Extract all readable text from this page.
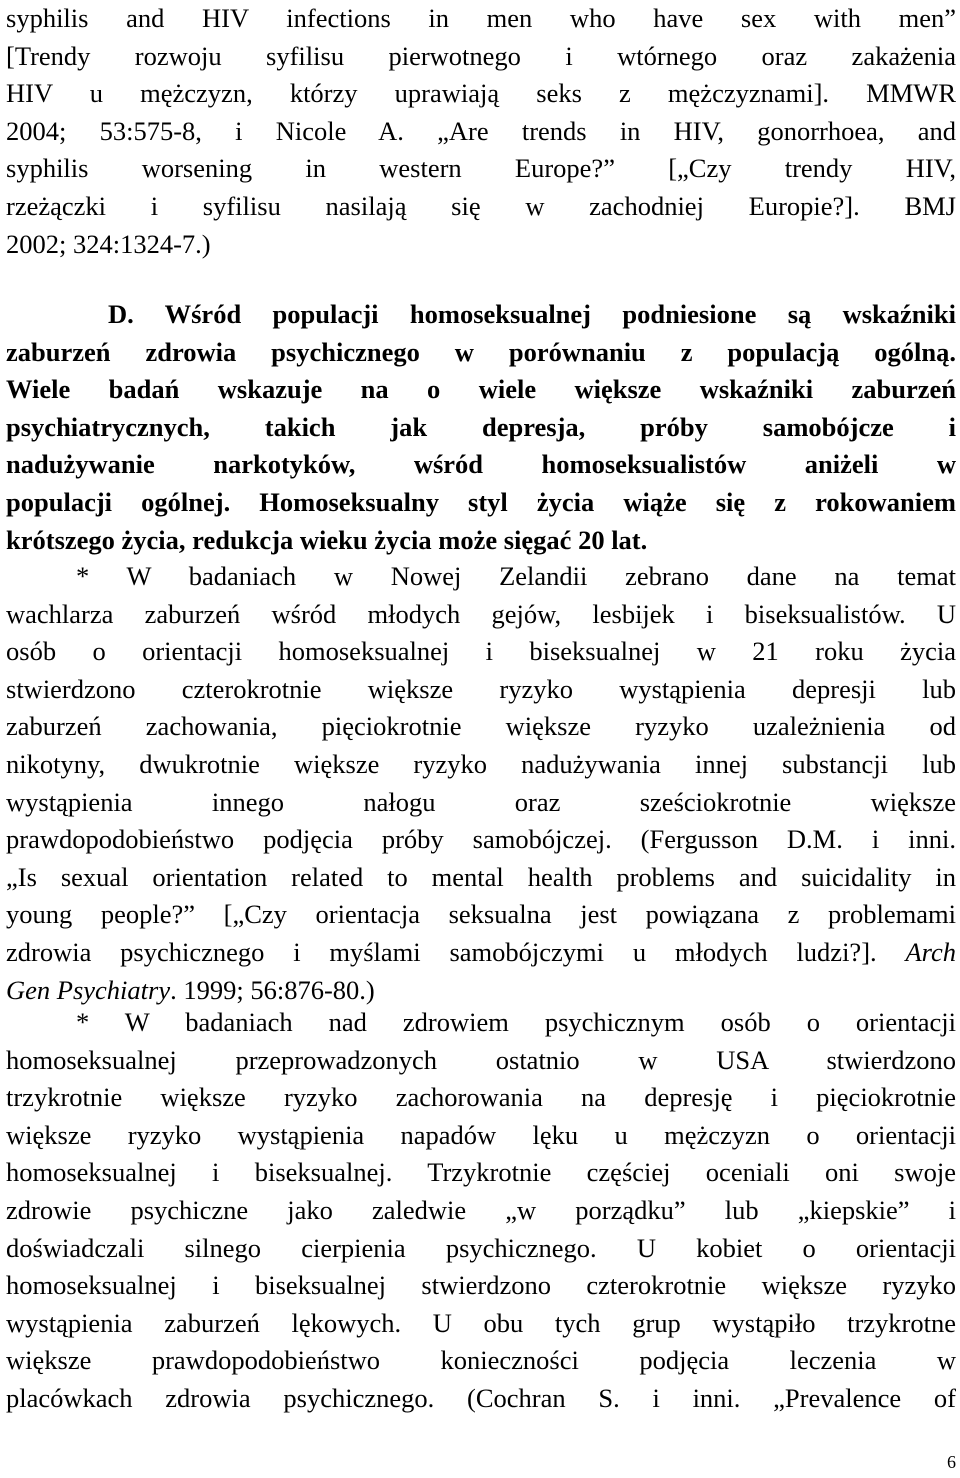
syphilis and HIV infections in men who have sex with men”
[Trendy rozwoju syfilisu pierwotnego i wtórnego oraz zakażenia
HIV u mężczyzn, którzy uprawiają seks z mężczyznami]. MMWR
2004; 53:575-8, i Nicole A. „Are trends in HIV, gonorrhoea, and
syphilis worsening in western Europe?” [„Czy trendy HIV,
rzeżączki i syfilisu nasilają się w zachodniej Europie?]. BMJ
2002; 324:1324-7.)
D. Wśród populacji homoseksualnej podniesione są wskaźniki
zaburzeń zdrowia psychicznego w porównaniu z populacją ogólną.
Wiele badań wskazuje na o wiele większe wskaźniki zaburzeń
psychiatrycznych, takich jak depresja, próby samobójcze i
nadużywanie narkotyków, wśród homoseksualistów aniżeli w
populacji ogólnej. Homoseksualny styl życia wiąże się z rokowaniem
krótszego życia, redukcja wieku życia może sięgać 20 lat.
* W badaniach w Nowej Zelandii zebrano dane na temat
wachlarza zaburzeń wśród młodych gejów, lesbijek i biseksualistów. U
osób o orientacji homoseksualnej i biseksualnej w 21 roku życia
stwierdzono czterokrotnie większe ryzyko wystąpienia depresji lub
zaburzeń zachowania, pięciokrotnie większe ryzyko uzależnienia od
nikotyny, dwukrotnie większe ryzyko nadużywania innej substancji lub
wystąpienia innego nałogu oraz sześciokrotnie większe
prawdopodobieństwo podjęcia próby samobójczej. (Fergusson D.M. i inni.
„Is sexual orientation related to mental health problems and suicidality in
young people?” [„Czy orientacja seksualna jest powiązana z problemami
zdrowia psychicznego i myślami samobójczymi u młodych ludzi?]. Arch
Gen Psychiatry. 1999; 56:876-80.)
* W badaniach nad zdrowiem psychicznym osób o orientacji
homoseksualnej przeprowadzonych ostatnio w USA stwierdzono
trzykrotnie większe ryzyko zachorowania na depresję i pięciokrotnie
większe ryzyko wystąpienia napadów lęku u mężczyzn o orientacji
homoseksualnej i biseksualnej. Trzykrotnie częściej oceniali oni swoje
zdrowie psychiczne jako zaledwie „w porządku” lub „kiepskie” i
doświadczali silnego cierpienia psychicznego. U kobiet o orientacji
homoseksualnej i biseksualnej stwierdzono czterokrotnie większe ryzyko
wystąpienia zaburzeń lękowych. U obu tych grup wystąpiło trzykrotne
większe prawdopodobieństwo konieczności podjęcia leczenia w
placówkach zdrowia psychicznego. (Cochran S. i inni. „Prevalence of
6
